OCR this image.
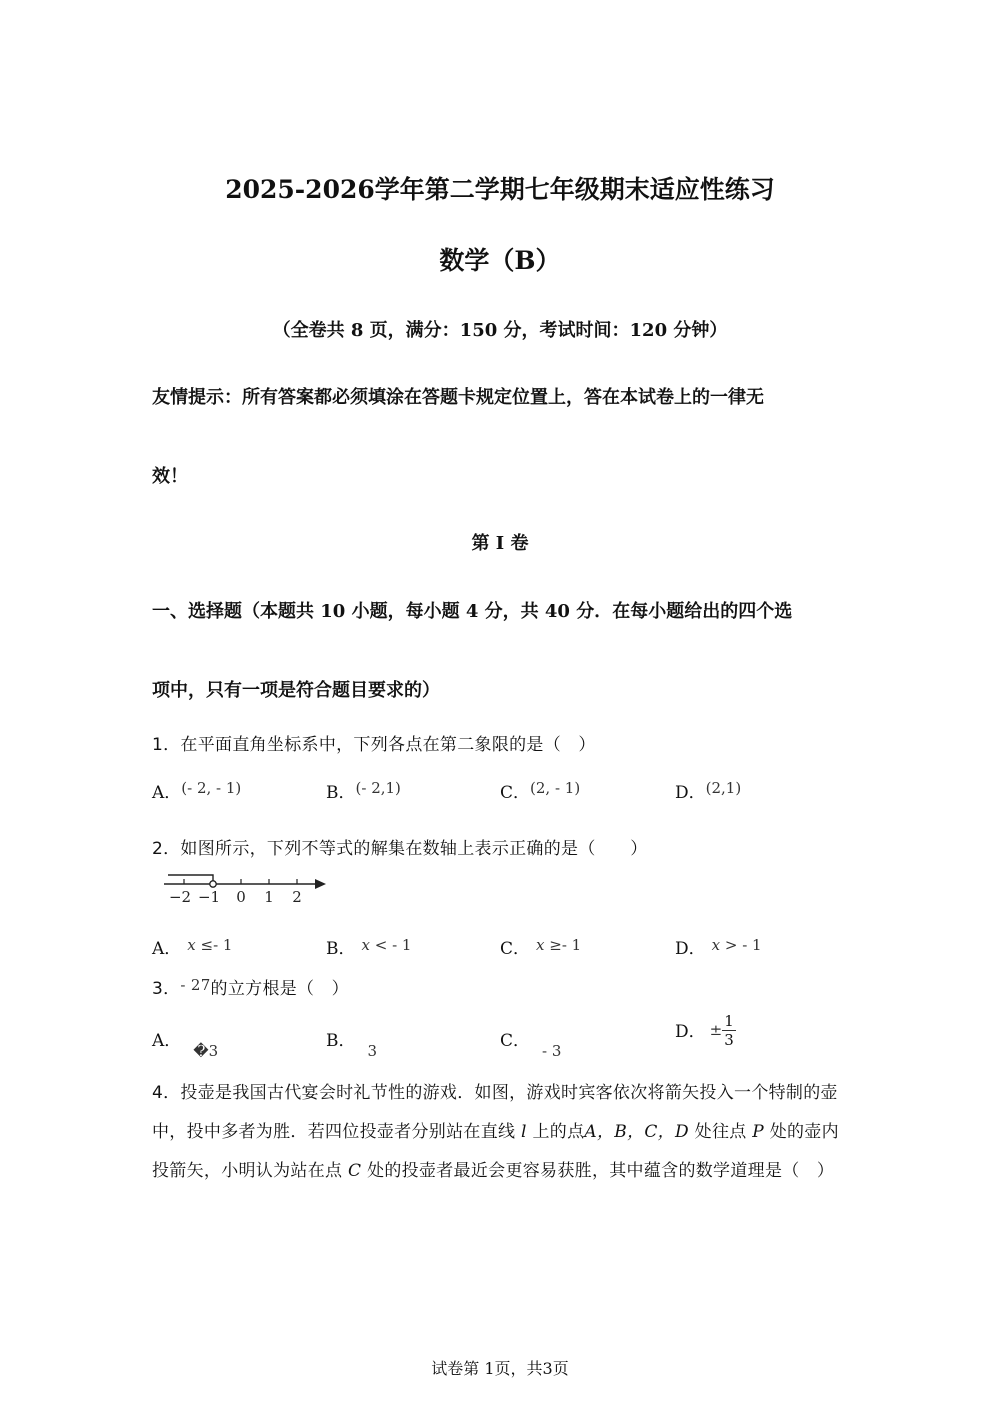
2025-2026学年第二学期七年级期末适应性练习
数学（B）
（全卷共 8 页，满分：150 分，考试时间：120 分钟）
友情提示：所有答案都必须填涂在答题卡规定位置上，答在本试卷上的一律无
效！
第 I 卷
一、选择题（本题共 10 小题，每小题 4 分，共 40 分．在每小题给出的四个选
项中，只有一项是符合题目要求的）
1．在平面直角坐标系中，下列各点在第二象限的是（　）
A．(- 2, - 1)	B．(- 2,1)	C．(2, - 1)	D．(2,1)
2．如图所示，下列不等式的解集在数轴上表示正确的是（　　）
−2 −1 0 1 2
A． x ≤- 1	B． x < - 1	C． x ≥- 1	D． x > - 1
3．- 27的立方根是（　）
A． �3	B． 3	C． - 3
D． ± $\frac{1}{3}$
4．投壶是我国古代宴会时礼节性的游戏．如图，游戏时宾客依次将箭矢投入一个特制的壶
中，投中多者为胜．若四位投壶者分别站在直线 l 上的点A，B，C，D 处往点 P 处的壶内
投箭矢，小明认为站在点 C 处的投壶者最近会更容易获胜，其中蕴含的数学道理是（　）
试卷第 1页，共3页
